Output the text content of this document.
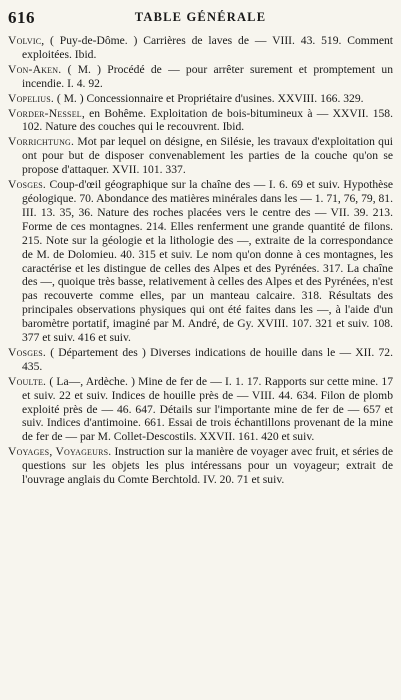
616	TABLE GÉNÉRALE

Volvic, ( Puy-de-Dôme. ) Carrières de laves de — VIII. 43. 519. Comment exploitées. Ibid.

Von-Aken. ( M. ) Procédé de — pour arrêter surement et promptement un incendie. I. 4. 92.

Vopelius. ( M. ) Concessionnaire et Propriétaire d'usines. XXVIII. 166. 329.

Vorder-Nessel, en Bohême. Exploitation de bois-bitumineux à — XXVII. 158. 102. Nature des couches qui le recouvrent. Ibid.

Vorrichtung. Mot par lequel on désigne, en Silésie, les travaux d'exploitation qui ont pour but de disposer convenablement les parties de la couche qu'on se propose d'attaquer. XVII. 101. 337.

Vosges. Coup-d'œil géographique sur la chaîne des — I. 6. 69 et suiv. Hypothèse géologique. 70. Abondance des matières minérales dans les — 1. 71, 76, 79, 81. III. 13. 35, 36. Nature des roches placées vers le centre des — VII. 39. 213. Forme de ces montagnes. 214. Elles renferment une grande quantité de filons. 215. Note sur la géologie et la lithologie des —, extraite de la correspondance de M. de Dolomieu. 40. 315 et suiv. Le nom qu'on donne à ces montagnes, les caractérise et les distingue de celles des Alpes et des Pyrénées. 317. La chaîne des —, quoique très basse, relativement à celles des Alpes et des Pyrénées, n'est pas recouverte comme elles, par un manteau calcaire. 318. Résultats des principales observations physiques qui ont été faites dans les —, à l'aide d'un baromètre portatif, imaginé par M. André, de Gy. XVIII. 107. 321 et suiv. 108. 377 et suiv. 416 et suiv.

Vosges. ( Département des ) Diverses indications de houille dans le — XII. 72. 435.

Voulte. ( La—, Ardèche. ) Mine de fer de — I. 1. 17. Rapports sur cette mine. 17 et suiv. 22 et suiv. Indices de houille près de — VIII. 44. 634. Filon de plomb exploité près de — 46. 647. Détails sur l'importante mine de fer de — 657 et suiv. Indices d'antimoine. 661. Essai de trois échantillons provenant de la mine de fer de — par M. Collet-Descostils. XXVII. 161. 420 et suiv.

Voyages, Voyageurs. Instruction sur la manière de voyager avec fruit, et séries de questions sur les objets les plus intéressans pour un voyageur; extrait de l'ouvrage anglais du Comte Berchtold. IV. 20. 71 et suiv.
